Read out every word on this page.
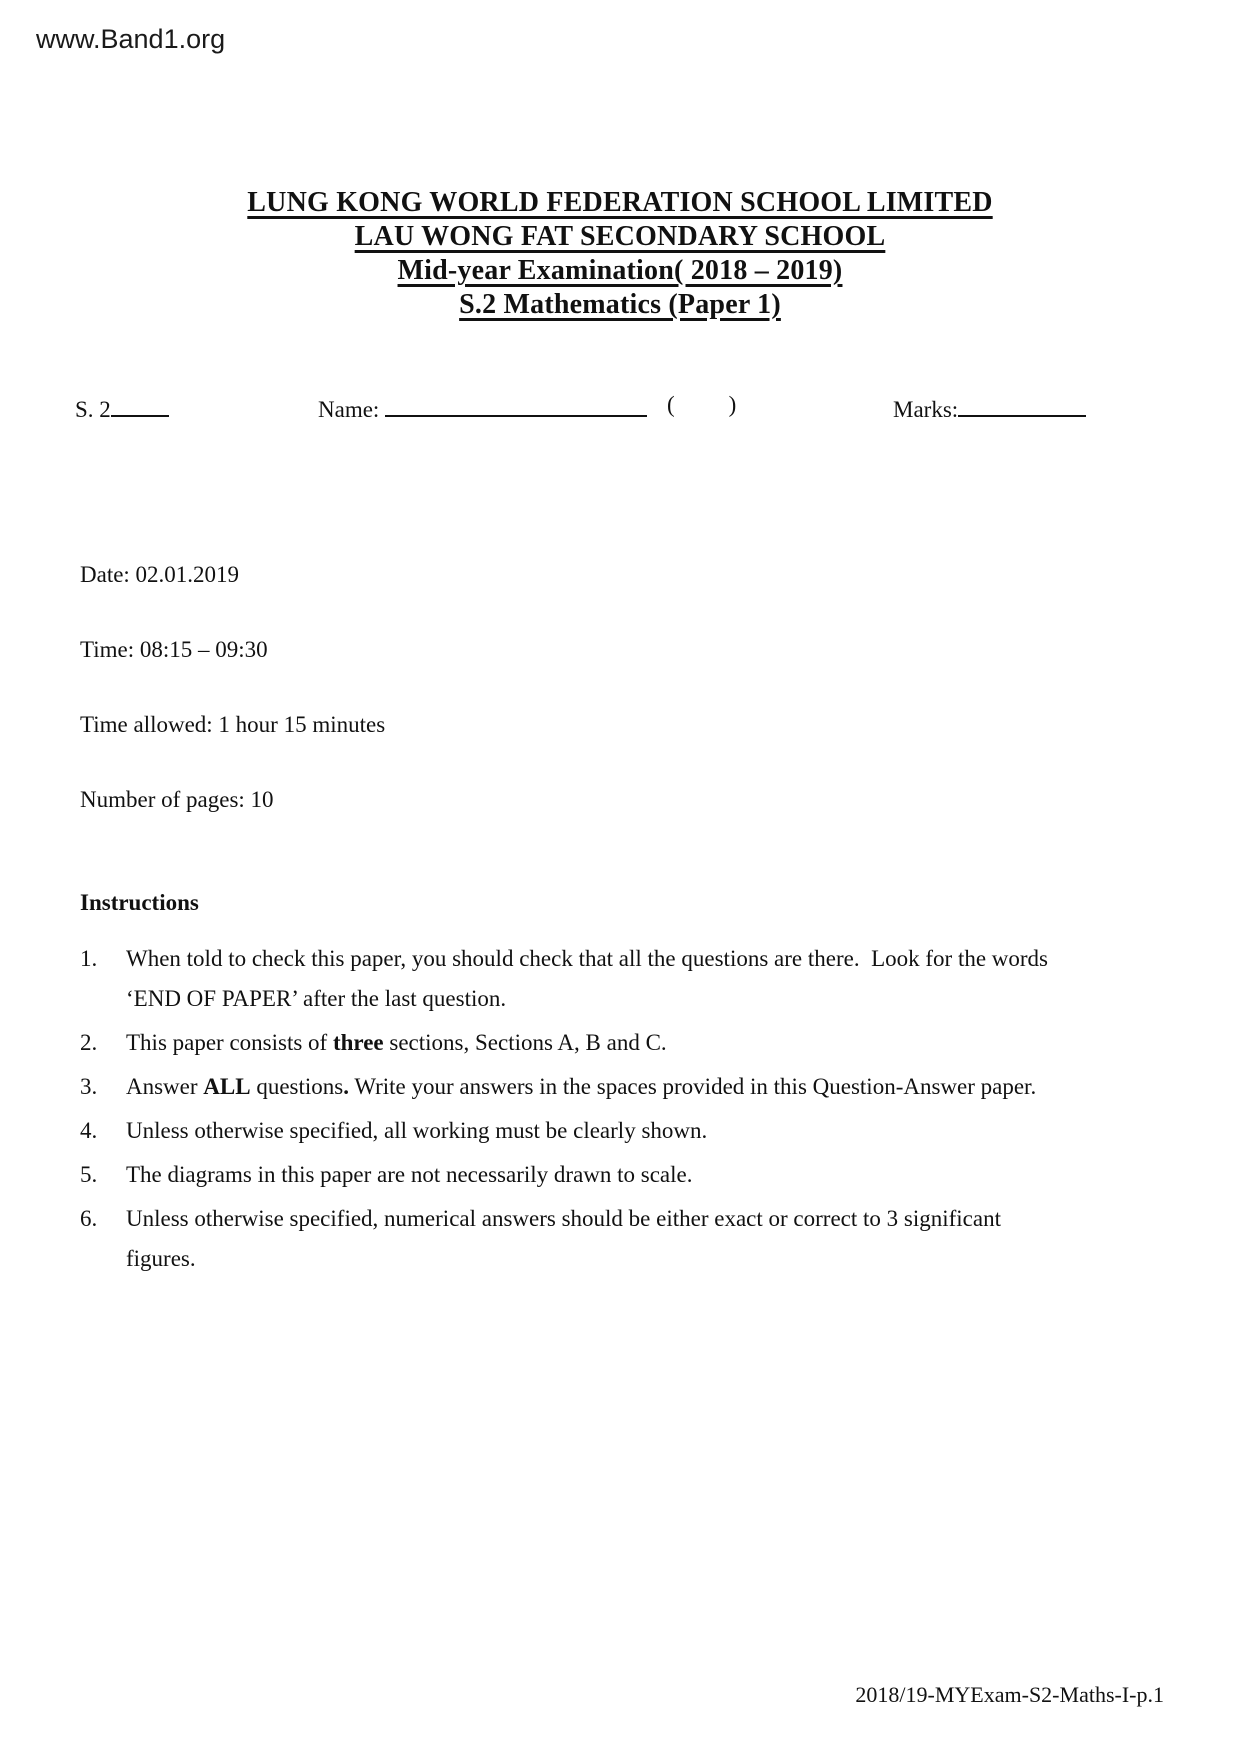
www.Band1.org
LUNG KONG WORLD FEDERATION SCHOOL LIMITED
LAU WONG FAT SECONDARY SCHOOL
Mid-year Examination( 2018 – 2019)
S.2 Mathematics (Paper 1)
S. 2	Name:	( )	Marks:
Date: 02.01.2019
Time: 08:15 – 09:30
Time allowed: 1 hour 15 minutes
Number of pages: 10
Instructions
1.	When told to check this paper, you should check that all the questions are there.  Look for the words
‘END OF PAPER’ after the last question.
2.	This paper consists of three sections, Sections A, B and C.
3.	Answer ALL questions. Write your answers in the spaces provided in this Question-Answer paper.
4.	Unless otherwise specified, all working must be clearly shown.
5.	The diagrams in this paper are not necessarily drawn to scale.
6.	Unless otherwise specified, numerical answers should be either exact or correct to 3 significant
figures.
2018/19-MYExam-S2-Maths-I-p.1
